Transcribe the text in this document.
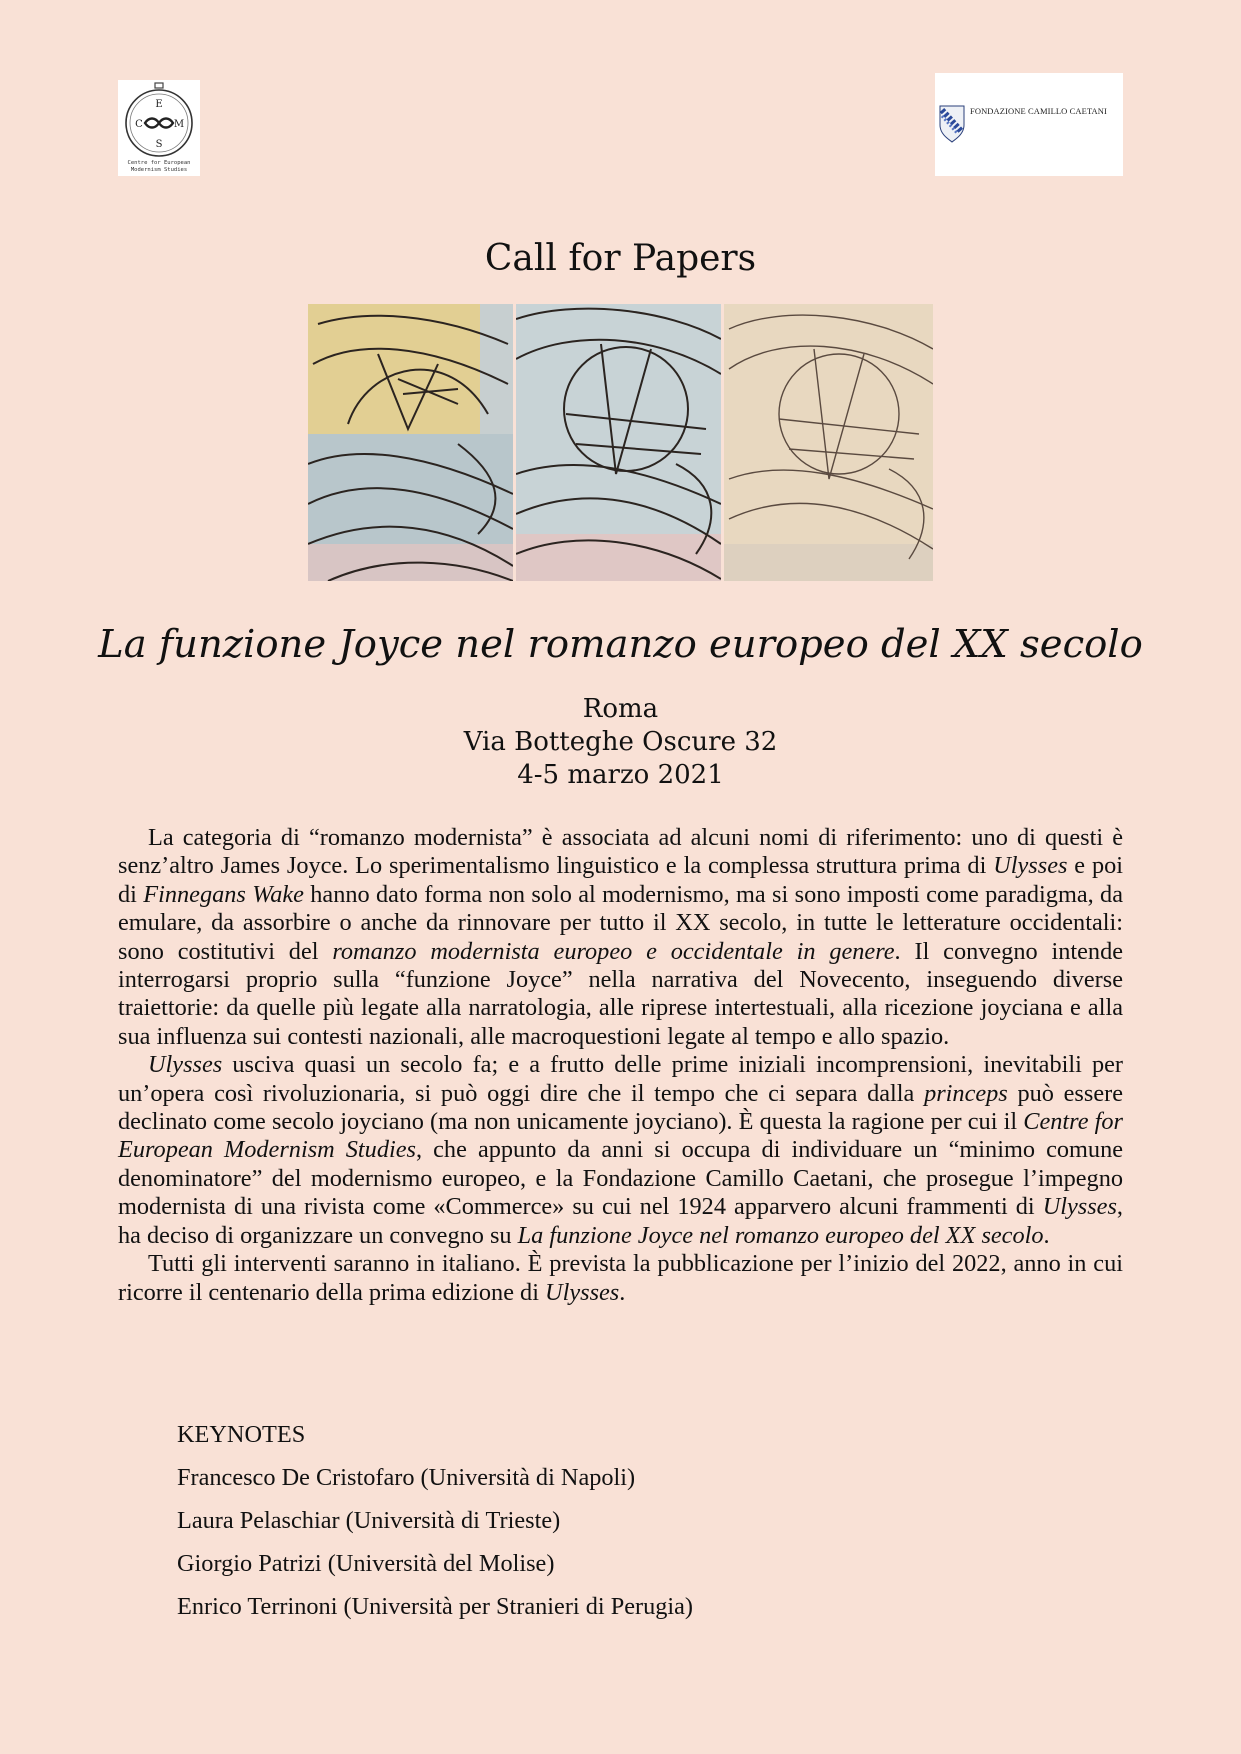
E
C	M
S
Centre for European
Modernism Studies
FONDAZIONE CAMILLO CAETANI
Call for Papers
La funzione Joyce nel romanzo europeo del XX secolo
Roma
Via Botteghe Oscure 32
4-5 marzo 2021

La categoria di “romanzo modernista” è associata ad alcuni nomi di riferimento: uno di questi è senz’altro James Joyce. Lo sperimentalismo linguistico e la complessa struttura prima di Ulysses e poi di Finnegans Wake hanno dato forma non solo al modernismo, ma si sono imposti come paradigma, da emulare, da assorbire o anche da rinnovare per tutto il XX secolo, in tutte le letterature occidentali: sono costitutivi del romanzo modernista europeo e occidentale in genere. Il convegno intende interrogarsi proprio sulla “funzione Joyce” nella narrativa del Novecento, inseguendo diverse traiettorie: da quelle più legate alla narratologia, alle riprese intertestuali, alla ricezione joyciana e alla sua influenza sui contesti nazionali, alle macroquestioni legate al tempo e allo spazio.

Ulysses usciva quasi un secolo fa; e a frutto delle prime iniziali incomprensioni, inevitabili per un’opera così rivoluzionaria, si può oggi dire che il tempo che ci separa dalla princeps può essere declinato come secolo joyciano (ma non unicamente joyciano). È questa la ragione per cui il Centre for European Modernism Studies, che appunto da anni si occupa di individuare un “minimo comune denominatore” del modernismo europeo, e la Fondazione Camillo Caetani, che prosegue l’impegno modernista di una rivista come «Commerce» su cui nel 1924 apparvero alcuni frammenti di Ulysses, ha deciso di organizzare un convegno su La funzione Joyce nel romanzo europeo del XX secolo.

Tutti gli interventi saranno in italiano. È prevista la pubblicazione per l’inizio del 2022, anno in cui ricorre il centenario della prima edizione di Ulysses.

KEYNOTES
Francesco De Cristofaro (Università di Napoli)
Laura Pelaschiar (Università di Trieste)
Giorgio Patrizi (Università del Molise)
Enrico Terrinoni (Università per Stranieri di Perugia)
